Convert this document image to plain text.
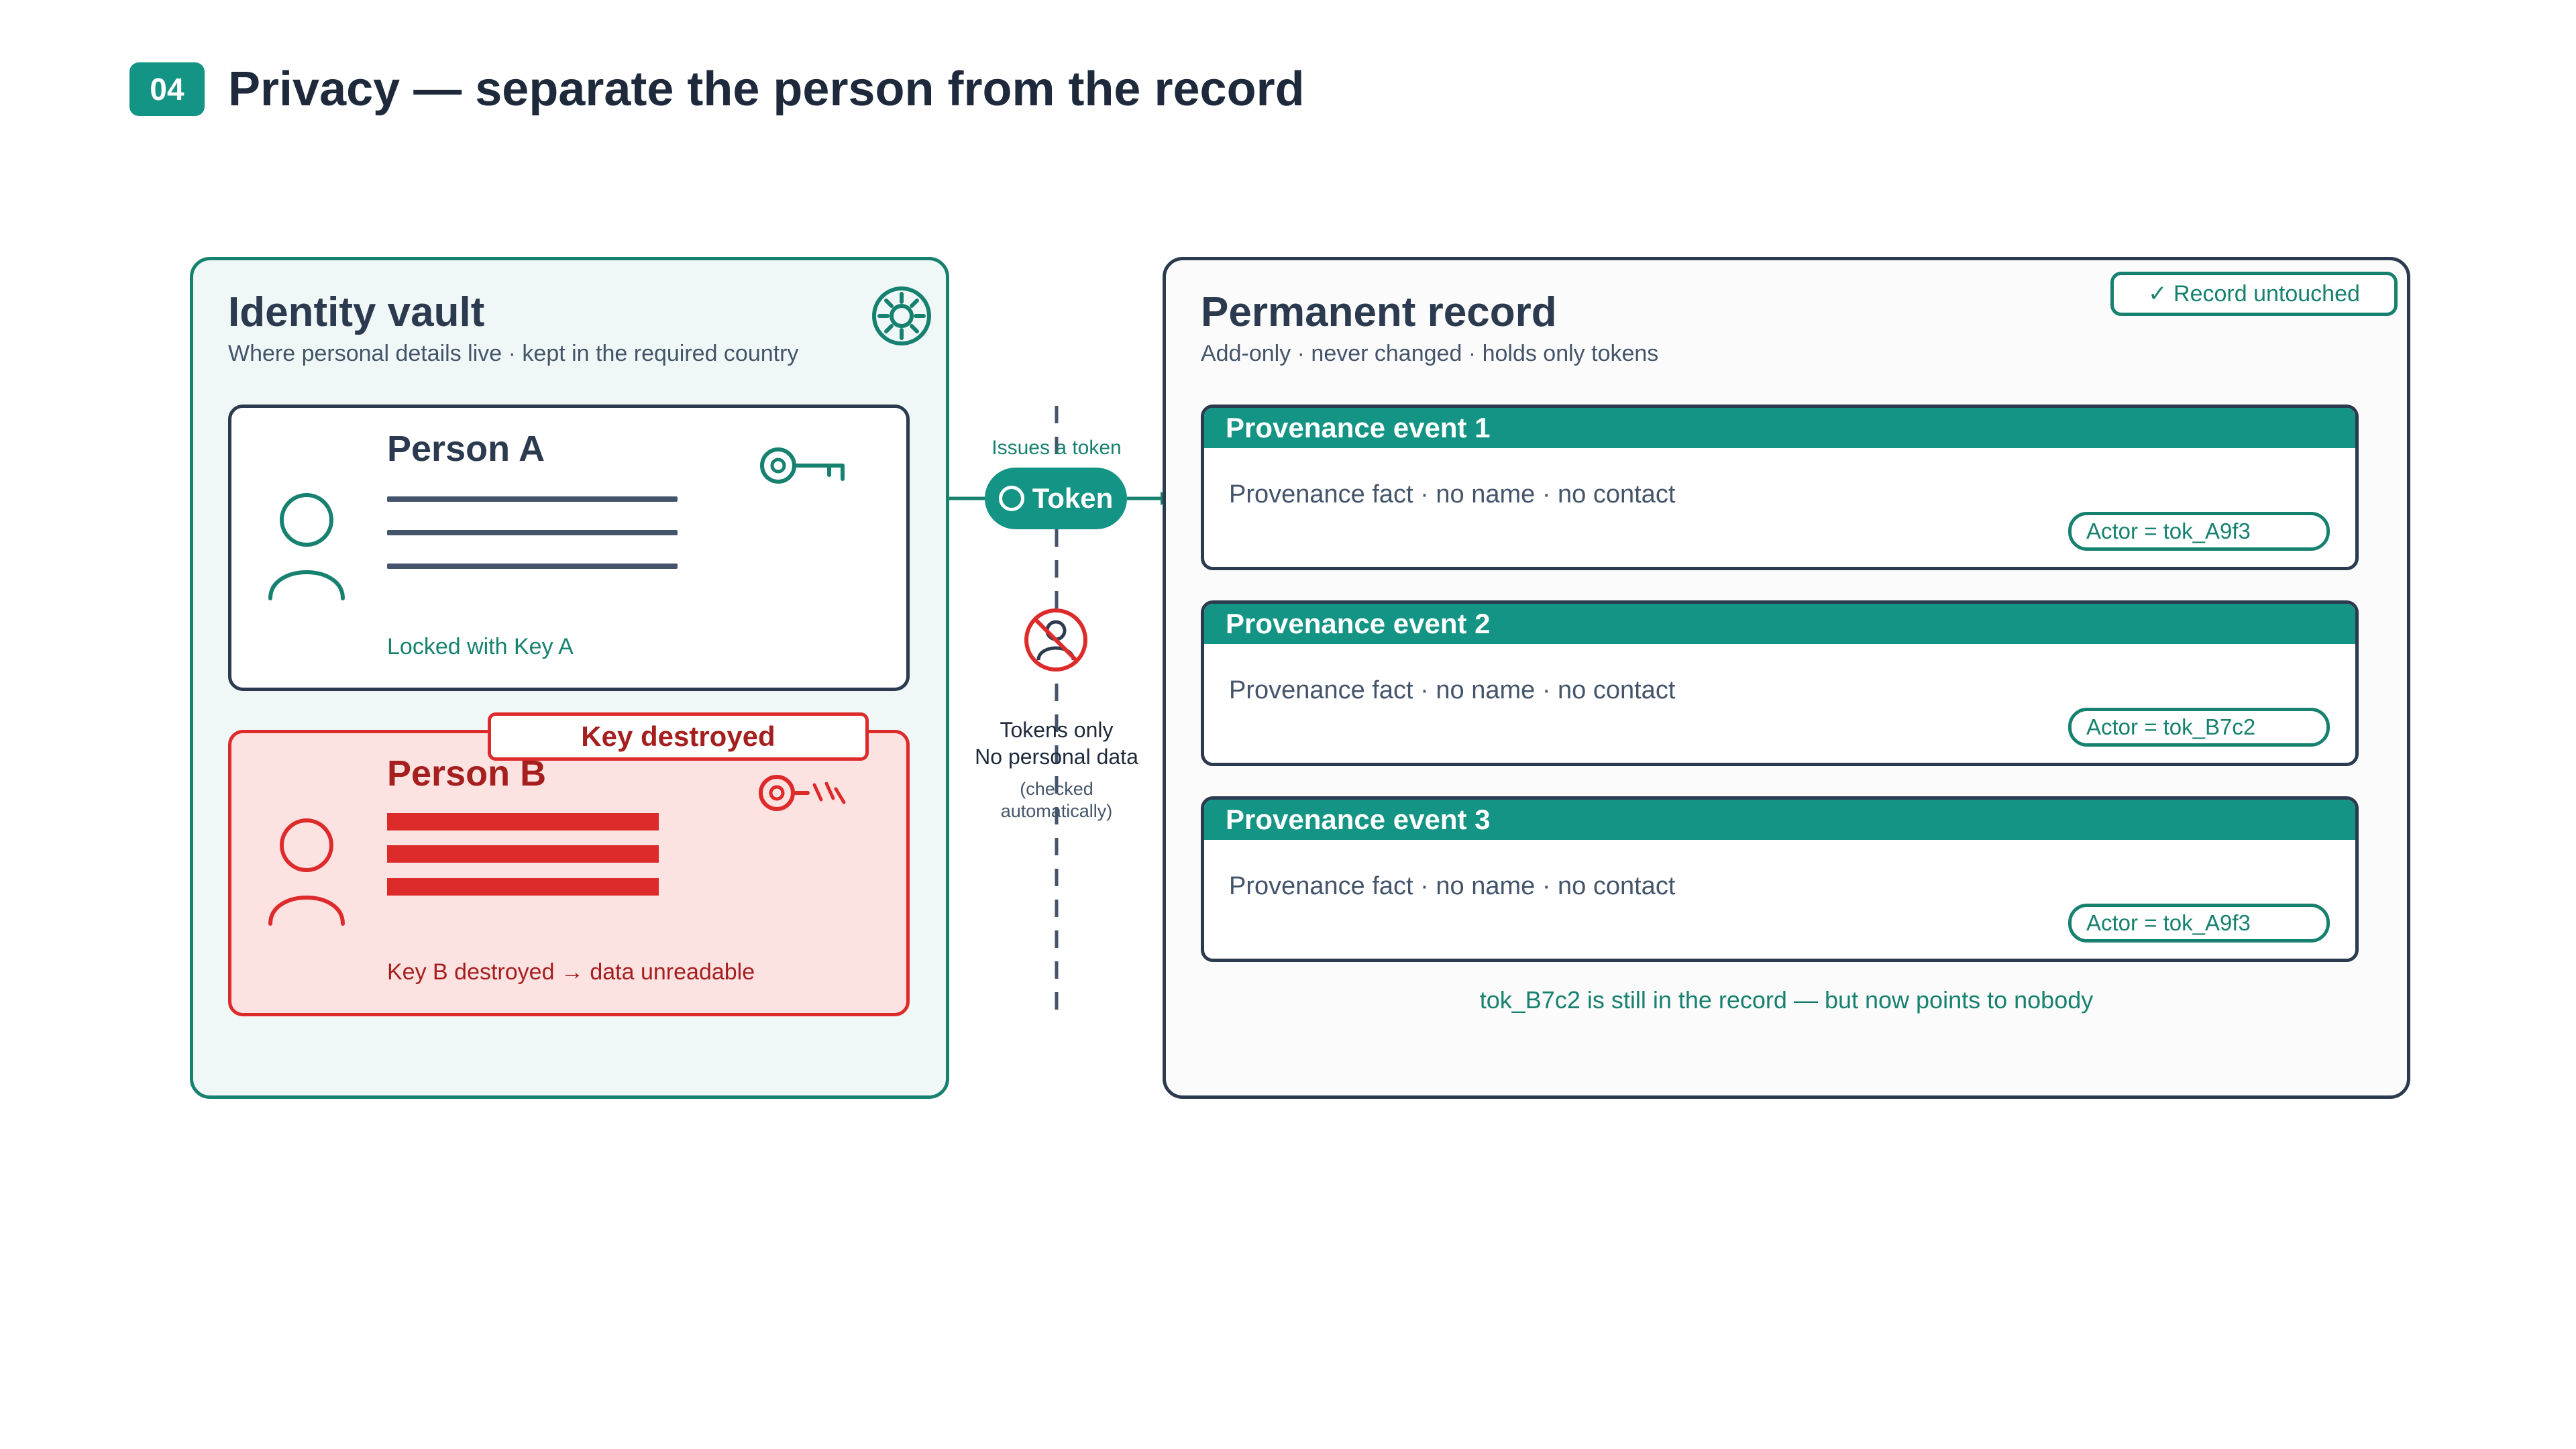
04 Privacy — separate the person from the record
Identity vault
Where personal details live · kept in the required country
Person A
Locked with Key A
Key destroyed
Person B
Key B destroyed → data unreadable
Issues a token
Token
Tokens only
No personal data
(checked
automatically)
Permanent record
Add-only · never changed · holds only tokens
✓ Record untouched
Provenance event 1
Provenance fact · no name · no contact
Actor = tok_A9f3
Provenance event 2
Provenance fact · no name · no contact
Actor = tok_B7c2
Provenance event 3
Provenance fact · no name · no contact
Actor = tok_A9f3
tok_B7c2 is still in the record — but now points to nobody
